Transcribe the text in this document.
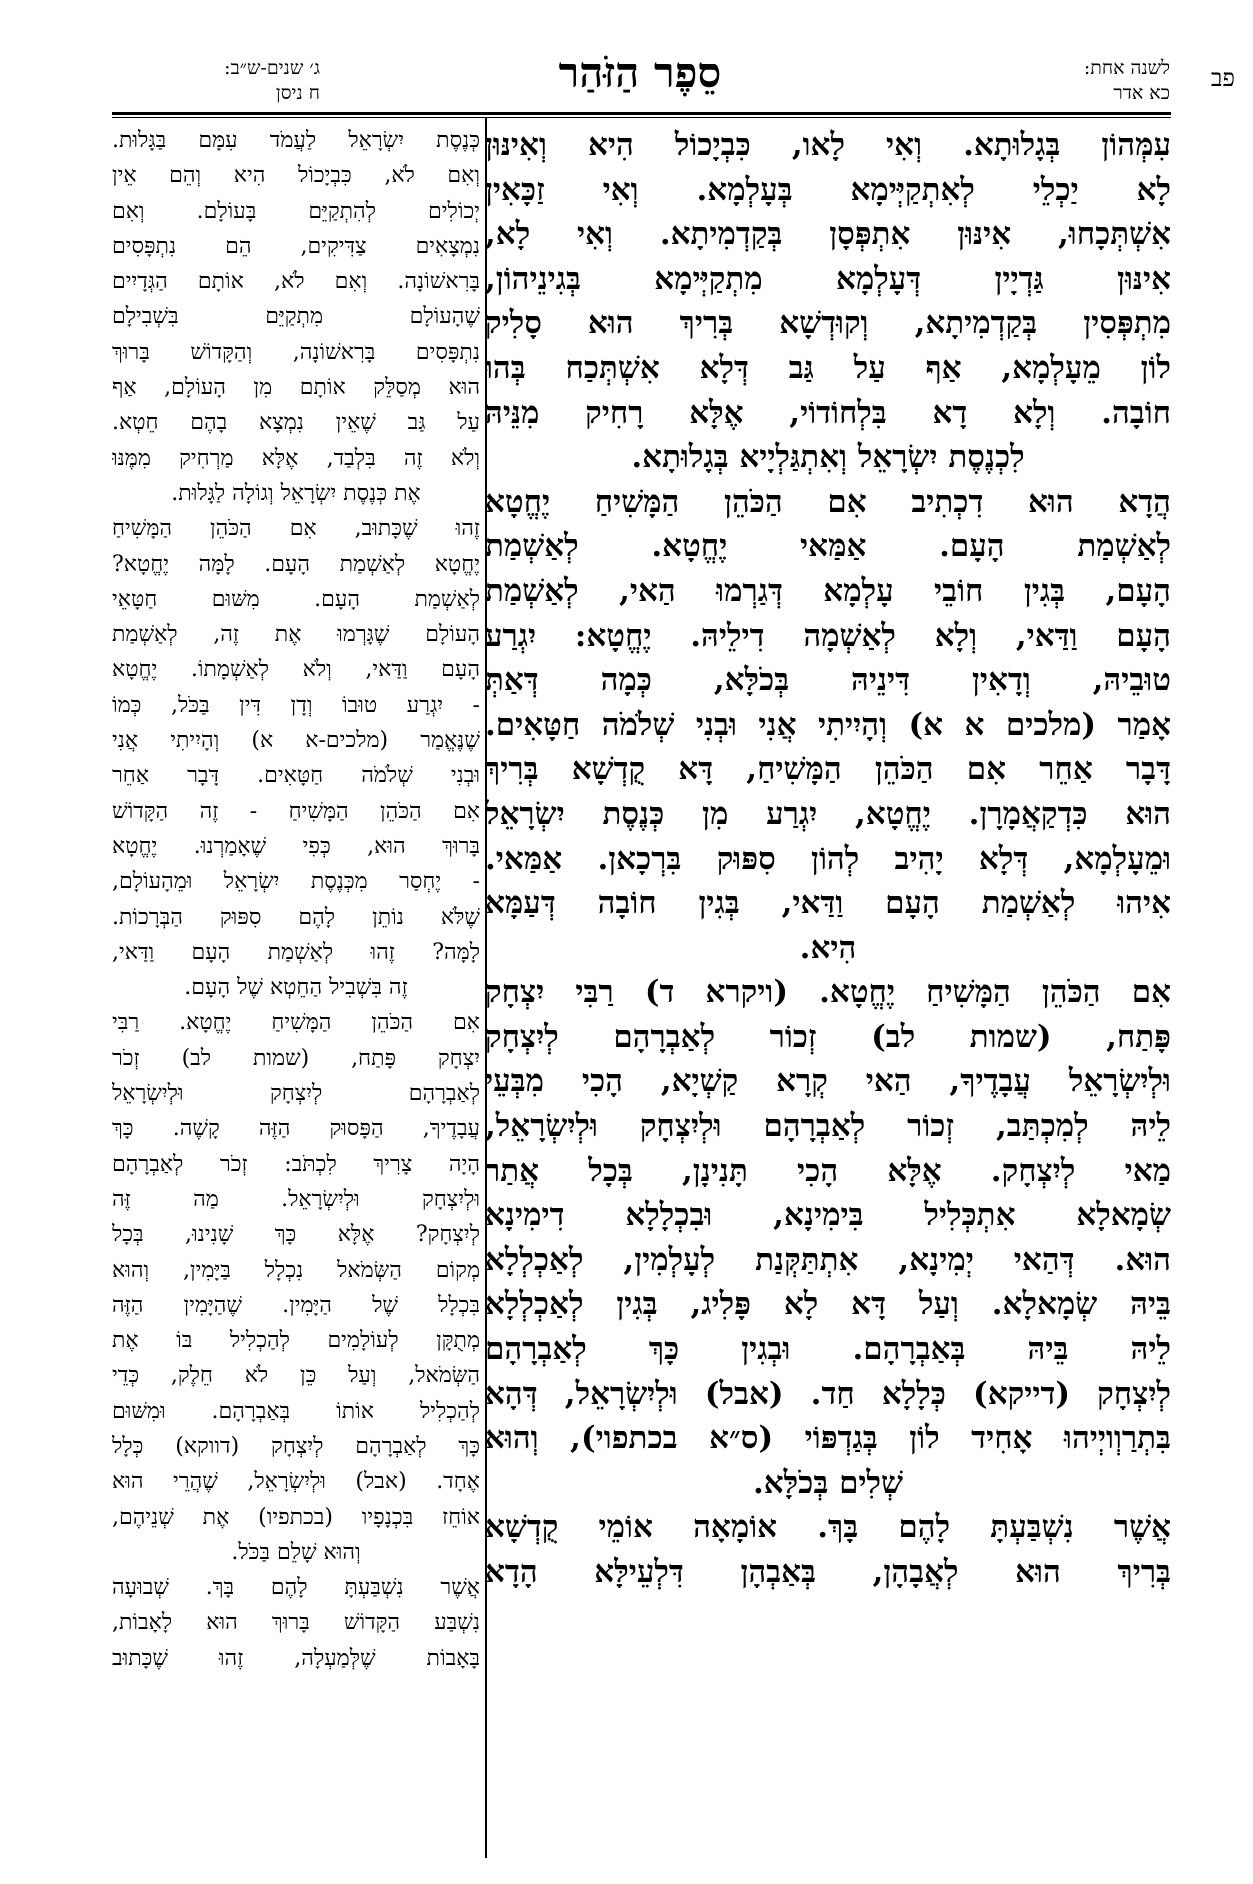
פב
לשנה אחת:
כא אדר
סֵפֶר הַזֹּהַר
ג׳ שנים-ש״ב:
ח ניסן
עִמְּהוֹן בְּגָלוּתָא. וְאִי לָאו, כִּבְיָכוֹל הִיא וְאִינּוּן
לָא יַכְלֵי לְאִתְקַיְּימָא בְּעָלְמָא. וְאִי זַכָּאִין
אִשְׁתְּכָחוּ, אִינּוּן אִתְפְּסָן בְּקַדְמִיתָא. וְאִי לָא,
אִינּוּן גַּדְיָין דְּעָלְמָא מִתְקַיְּימָא בְּגִינֵיהוֹן,
מִתְפְּסִין בְּקַדְמִיתָא, וְקוּדְשָׁא בְּרִיךְ הוּא סָלִיק
לוֹן מֵעָלְמָא, אַף עַל גַּב דְּלָא אִשְׁתְּכַח בְּהוּ
חוֹבָה. וְלָא דָא בִּלְחוֹדוֹי, אֶלָּא רָחִיק מִנֵּיהּ
לִכְנֶסֶת יִשְׂרָאֵל וְאִתְגַּלְיָיא בְּגָלוּתָא.
הֲדָא הוּא דִכְתִיב אִם הַכֹּהֵן הַמָּשִׁיחַ יֶחֱטָא
לְאַשְׁמַת הָעָם. אַמַּאי יֶחֱטָא. לְאַשְׁמַת
הָעָם, בְּגִין חוֹבֵי עָלְמָא דְּגַרְמוּ הַאי, לְאַשְׁמַת
הָעָם וַדַּאי, וְלָא לְאַשְׁמָה דִילֵיהּ. יֶחֱטָא: יִגְרַע
טוּבֵיהּ, וְדָאִין דִּינֵיהּ בְּכֹלָּא, כְּמָה דְּאַתְּ
אָמַר (מלכים א א) וְהָיִיתִי אֲנִי וּבְנִי שְׁלֹמֹה חַטָּאִים.
דָּבָר אַחֵר אִם הַכֹּהֵן הַמָּשִׁיחַ, דָּא קֻדְשָׁא בְּרִיךְ
הוּא כִּדְקַאֲמָרָן. יֶחֱטָא, יִגְרַע מִן כְּנֶסֶת יִשְׂרָאֵל
וּמֵעָלְמָא, דְּלָא יָהִיב לְהוֹן סִפּוּק בִּרְכָאן. אַמַּאי.
אִיהוּ לְאַשְׁמַת הָעָם וַדַּאי, בְּגִין חוֹבָה דְּעַמָּא
הִיא.
אִם הַכֹּהֵן הַמָּשִׁיחַ יֶחֱטָא. (ויקרא ד) רַבִּי יִצְחָק
פָּתַח, (שמות לב) זְכוֹר לְאַבְרָהָם לְיִצְחָק
וּלְיִשְׂרָאֵל עֲבָדֶיךָ, הַאי קְרָא קַשְׁיָא, הָכִי מִבְּעֵי
לֵיהּ לְמִכְתַּב, זְכוֹר לְאַבְרָהָם וּלְיִצְחָק וּלְיִשְׂרָאֵל,
מַאי לְיִצְחָק. אֶלָּא הָכִי תָּנִינָן, בְּכָל אֲתַר
שְׂמָאלָא אִתְכְּלִיל בִּימִינָא, וּבִכְלָלָא דִימִינָא
הוּא. דְּהַאי יְמִינָא, אִתְתַּקְּנַת לְעָלְמִין, לְאַכְלְלָא
בֵּיהּ שְׂמָאלָא. וְעַל דָּא לָא פָּלִיג, בְּגִין לְאַכְלְלָא
לֵיהּ בֵּיהּ בְּאַבְרָהָם. וּבְגִין כָּךְ לְאַבְרָהָם
לְיִצְחָק (דייקא) כְּלָלָא חַד. (אבל) וּלְיִשְׂרָאֵל, דְּהָא
בִּתְרַוְויְיהוּ אָחִיד לוֹן בְּגַדְפּוֹי (ס״א בכתפוי), וְהוּא
שְׁלִים בְּכֹלָּא.
אֲשֶׁר נִשְׁבַּעְתָּ לָהֶם בָּךְ. אוֹמָאָה אוֹמֵי קֻדְשָׁא
בְּרִיךְ הוּא לְאֲבָהָן, בְּאַבְהָן דִּלְעֵילָּא הָדָא
כְּנֶסֶת יִשְׂרָאֵל לַעֲמֹד עִמָּם בַּגָּלוּת.
וְאִם לֹא, כִּבְיָכוֹל הִיא וְהֵם אֵין
יְכוֹלִים לְהִתְקַיֵּם בָּעוֹלָם. וְאִם
נִמְצָאִים צַדִּיקִים, הֵם נִתְפָּסִים
בָּרִאשׁוֹנָה. וְאִם לֹא, אוֹתָם הַגְּדָיִים
שֶׁהָעוֹלָם מִתְקַיֵּם בִּשְׁבִילָם
נִתְפָּסִים בָּרִאשׁוֹנָה, וְהַקָּדוֹשׁ בָּרוּךְ
הוּא מְסַלֵּק אוֹתָם מִן הָעוֹלָם, אַף
עַל גַּב שֶׁאֵין נִמְצָא בָהֶם חֵטְא.
וְלֹא זֶה בִּלְבַד, אֶלָּא מַרְחִיק מִמֶּנּוּ
אֶת כְּנֶסֶת יִשְׂרָאֵל וְגוֹלָה לַגָּלוּת.
זֶהוּ שֶׁכָּתוּב, אִם הַכֹּהֵן הַמָּשִׁיחַ
יֶחֱטָא לְאַשְׁמַת הָעָם. לָמָּה יֶחֱטָא?
לְאַשְׁמַת הָעָם. מִשּׁוּם חַטָּאֵי
הָעוֹלָם שֶׁגָּרְמוּ אֶת זֶה, לְאַשְׁמַת
הָעָם וַדַּאי, וְלֹא לְאַשְׁמָתוֹ. יֶחֱטָא
- יִגְרַע טוּבוֹ וְדָן דִּין בַּכֹּל, כְּמוֹ
שֶׁנֶּאֱמַר (מלכים-א א) וְהָיִיתִי אֲנִי
וּבְנִי שְׁלֹמֹה חַטָּאִים. דָּבָר אַחֵר
אִם הַכֹּהֵן הַמָּשִׁיחַ - זֶה הַקָּדוֹשׁ
בָּרוּךְ הוּא, כְּפִי שֶׁאָמַרְנוּ. יֶחֱטָא
- יֶחְסַר מִכְּנֶסֶת יִשְׂרָאֵל וּמֵהָעוֹלָם,
שֶׁלֹּא נוֹתֵן לָהֶם סִפּוּק הַבְּרָכוֹת.
לָמָּה? זֶהוּ לְאַשְׁמַת הָעָם וַדַּאי,
זֶה בִּשְׁבִיל הַחֵטְא שֶׁל הָעָם.
אִם הַכֹּהֵן הַמָּשִׁיחַ יֶחֱטָא. רַבִּי
יִצְחָק פָּתַח, (שמות לב) זְכֹר
לְאַבְרָהָם לְיִצְחָק וּלְיִשְׂרָאֵל
עֲבָדֶיךָ, הַפָּסוּק הַזֶּה קָשֶׁה. כָּךְ
הָיָה צָרִיךְ לִכְתֹּב: זְכֹר לְאַבְרָהָם
וּלְיִצְחָק וּלְיִשְׂרָאֵל. מַה זֶּה
לְיִצְחָק? אֶלָּא כָּךְ שָׁנִינוּ, בְּכָל
מְקוֹם הַשְּׂמֹאל נִכְלָל בַּיָּמִין, וְהוּא
בִּכְלָל שֶׁל הַיָּמִין. שֶׁהַיָּמִין הַזֶּה
מְתֻקָּן לְעוֹלָמִים לְהַכְלִיל בּוֹ אֶת
הַשְּׂמֹאל, וְעַל כֵּן לֹא חֵלֶק, כְּדֵי
לְהַכְלִיל אוֹתוֹ בְּאַבְרָהָם. וּמִשּׁוּם
כָּךְ לְאַבְרָהָם לְיִצְחָק (דווקא) כְּלָל
אֶחָד. (אבל) וּלְיִשְׂרָאֵל, שֶׁהֲרֵי הוּא
אוֹחֵז בִּכְנָפָיו (בכתפיו) אֶת שְׁנֵיהֶם,
וְהוּא שָׁלֵם בַּכֹּל.
אֲשֶׁר נִשְׁבַּעְתָּ לָהֶם בָּךְ. שְׁבוּעָה
נִשְׁבַּע הַקָּדוֹשׁ בָּרוּךְ הוּא לָאָבוֹת,
בָּאָבוֹת שֶׁלְּמַעְלָה, זֶהוּ שֶׁכָּתוּב
